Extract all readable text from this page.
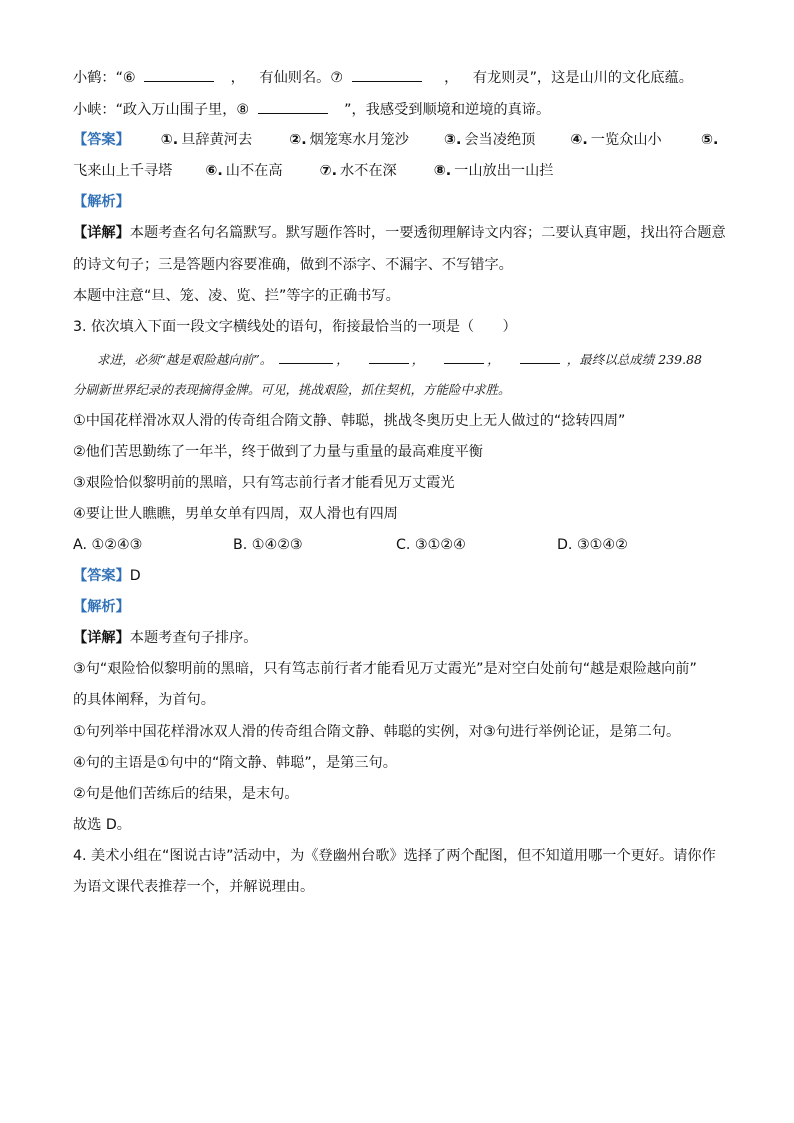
小鹤：“⑥	， 有仙则名。⑦	， 有龙则灵”，这是山川的文化底蕴。
小峡：“政入万山围子里，⑧	”，我感受到顺境和逆境的真谛。
【答案】 ①. 旦辞黄河去	②. 烟笼寒水月笼沙 ③. 会当凌绝顶 ④. 一览众山小	⑤.
飞来山上千寻塔 ⑥. 山不在高	⑦. 水不在深	⑧. 一山放出一山拦
【解析】
【详解】本题考查名句名篇默写。默写题作答时，一要透彻理解诗文内容；二要认真审题，找出符合题意
的诗文句子；三是答题内容要准确，做到不添字、不漏字、不写错字。
本题中注意“旦、笼、凌、览、拦”等字的正确书写。
3. 依次填入下面一段文字横线处的语句，衔接最恰当的一项是（　　）
求进，必须“越是艰险越向前”。	，	，	，	，最终以总成绩 239.88
分刷新世界纪录的表现摘得金牌。可见，挑战艰险，抓住契机，方能险中求胜。
①中国花样滑冰双人滑的传奇组合隋文静、韩聪，挑战冬奥历史上无人做过的“捻转四周”
②他们苦思勤练了一年半，终于做到了力量与重量的最高难度平衡
③艰险恰似黎明前的黑暗，只有笃志前行者才能看见万丈霞光
④要让世人瞧瞧，男单女单有四周，双人滑也有四周
A. ①②④③	B. ①④②③	C. ③①②④	D. ③①④②
【答案】D
【解析】
【详解】本题考查句子排序。
③句“艰险恰似黎明前的黑暗，只有笃志前行者才能看见万丈霞光”是对空白处前句“越是艰险越向前”
的具体阐释，为首句。
①句列举中国花样滑冰双人滑的传奇组合隋文静、韩聪的实例，对③句进行举例论证，是第二句。
④句的主语是①句中的“隋文静、韩聪”，是第三句。
②句是他们苦练后的结果，是末句。
故选 D。
4. 美术小组在“图说古诗”活动中，为《登幽州台歌》选择了两个配图，但不知道用哪一个更好。请你作
为语文课代表推荐一个，并解说理由。
